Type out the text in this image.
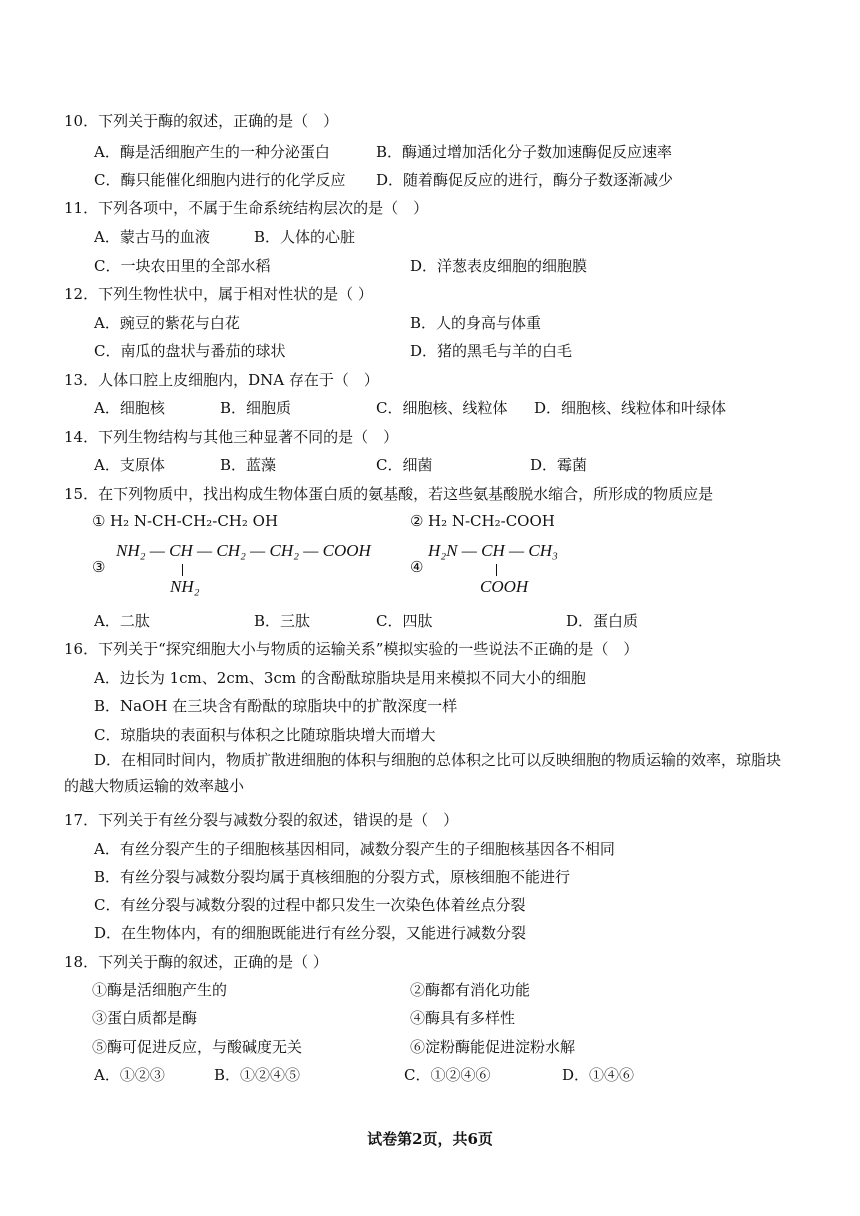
10．下列关于酶的叙述，正确的是（　）
A．酶是活细胞产生的一种分泌蛋白	B．酶通过增加活化分子数加速酶促反应速率
C．酶只能催化细胞内进行的化学反应 D．随着酶促反应的进行，酶分子数逐渐减少
11．下列各项中，不属于生命系统结构层次的是（　）
A．蒙古马的血液	B．人体的心脏
C．一块农田里的全部水稻	D．洋葱表皮细胞的细胞膜
12．下列生物性状中，属于相对性状的是（ ）
A．豌豆的紫花与白花	B．人的身高与体重
C．南瓜的盘状与番茄的球状	D．猪的黑毛与羊的白毛
13．人体口腔上皮细胞内，DNA 存在于（　）
A．细胞核	B．细胞质	C．细胞核、线粒体 D．细胞核、线粒体和叶绿体
14．下列生物结构与其他三种显著不同的是（　）
A．支原体	B．蓝藻	C．细菌	D．霉菌
15．在下列物质中，找出构成生物体蛋白质的氨基酸，若这些氨基酸脱水缩合，所形成的物质应是
① H₂ N-CH-CH₂-CH₂ OH	② H₂ N-CH₂-COOH
③
NH₂ — CH — CH₂ — CH₂ — COOH
NH₂
④
H₂N — CH — CH₃
COOH
A．二肽	B．三肽	C．四肽	D．蛋白质
16．下列关于“探究细胞大小与物质的运输关系”模拟实验的一些说法不正确的是（　）
A．边长为 1cm、2cm、3cm 的含酚酞琼脂块是用来模拟不同大小的细胞
B．NaOH 在三块含有酚酞的琼脂块中的扩散深度一样
C．琼脂块的表面积与体积之比随琼脂块增大而增大
D．在相同时间内，物质扩散进细胞的体积与细胞的总体积之比可以反映细胞的物质运输的效率，琼脂块的越大物质运输的效率越小
17．下列关于有丝分裂与减数分裂的叙述，错误的是（　）
A．有丝分裂产生的子细胞核基因相同，减数分裂产生的子细胞核基因各不相同
B．有丝分裂与减数分裂均属于真核细胞的分裂方式，原核细胞不能进行
C．有丝分裂与减数分裂的过程中都只发生一次染色体着丝点分裂
D．在生物体内，有的细胞既能进行有丝分裂，又能进行减数分裂
18．下列关于酶的叙述，正确的是（ ）
①酶是活细胞产生的	②酶都有消化功能
③蛋白质都是酶	④酶具有多样性
⑤酶可促进反应，与酸碱度无关	⑥淀粉酶能促进淀粉水解
A．①②③	B．①②④⑤	C．①②④⑥	D．①④⑥
试卷第2页，共6页
